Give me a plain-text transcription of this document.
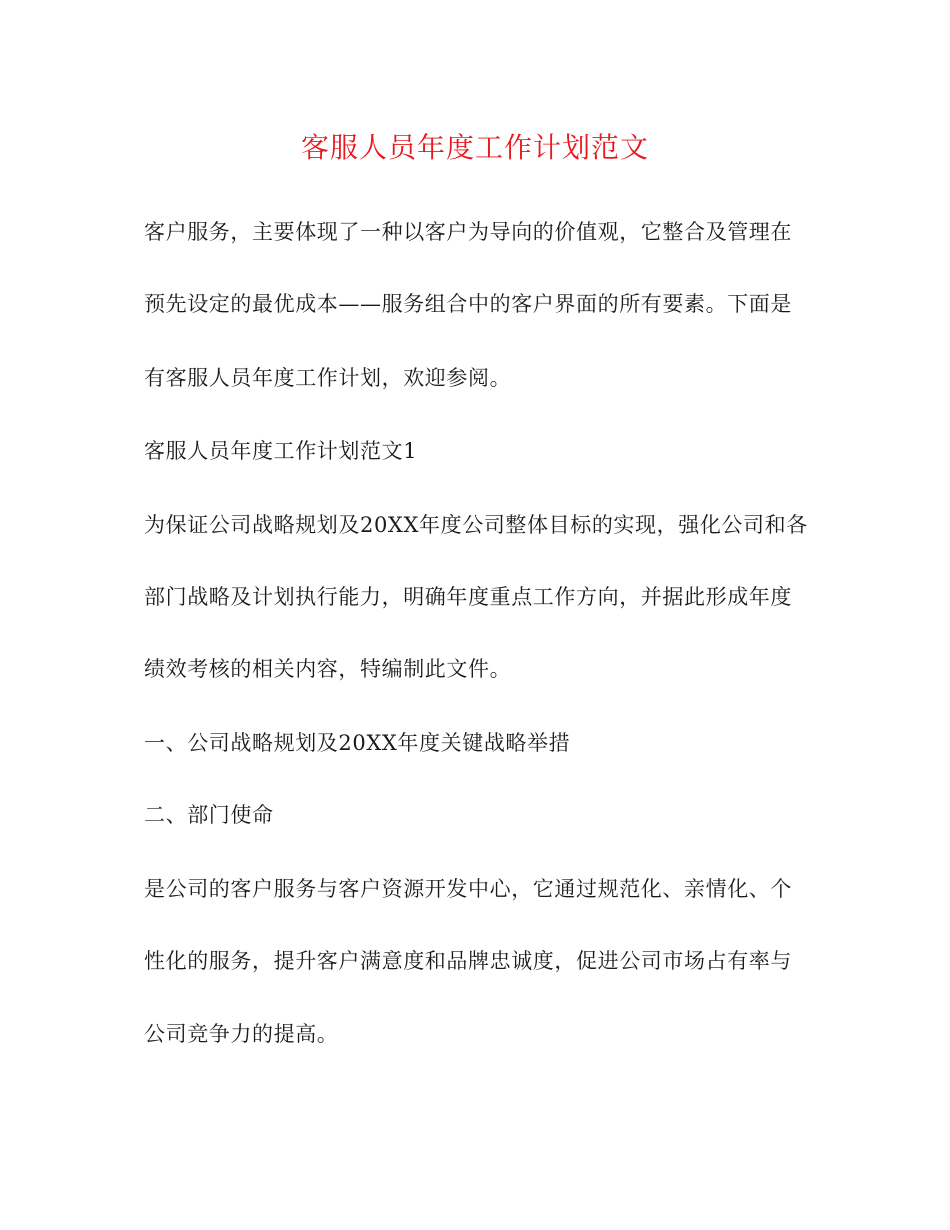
客服人员年度工作计划范文
客户服务，主要体现了一种以客户为导向的价值观，它整合及管理在
预先设定的最优成本——服务组合中的客户界面的所有要素。下面是
有客服人员年度工作计划，欢迎参阅。
客服人员年度工作计划范文1
为保证公司战略规划及20XX年度公司整体目标的实现，强化公司和各
部门战略及计划执行能力，明确年度重点工作方向，并据此形成年度
绩效考核的相关内容，特编制此文件。
一、公司战略规划及20XX年度关键战略举措
二、部门使命
是公司的客户服务与客户资源开发中心，它通过规范化、亲情化、个
性化的服务，提升客户满意度和品牌忠诚度，促进公司市场占有率与
公司竞争力的提高。
